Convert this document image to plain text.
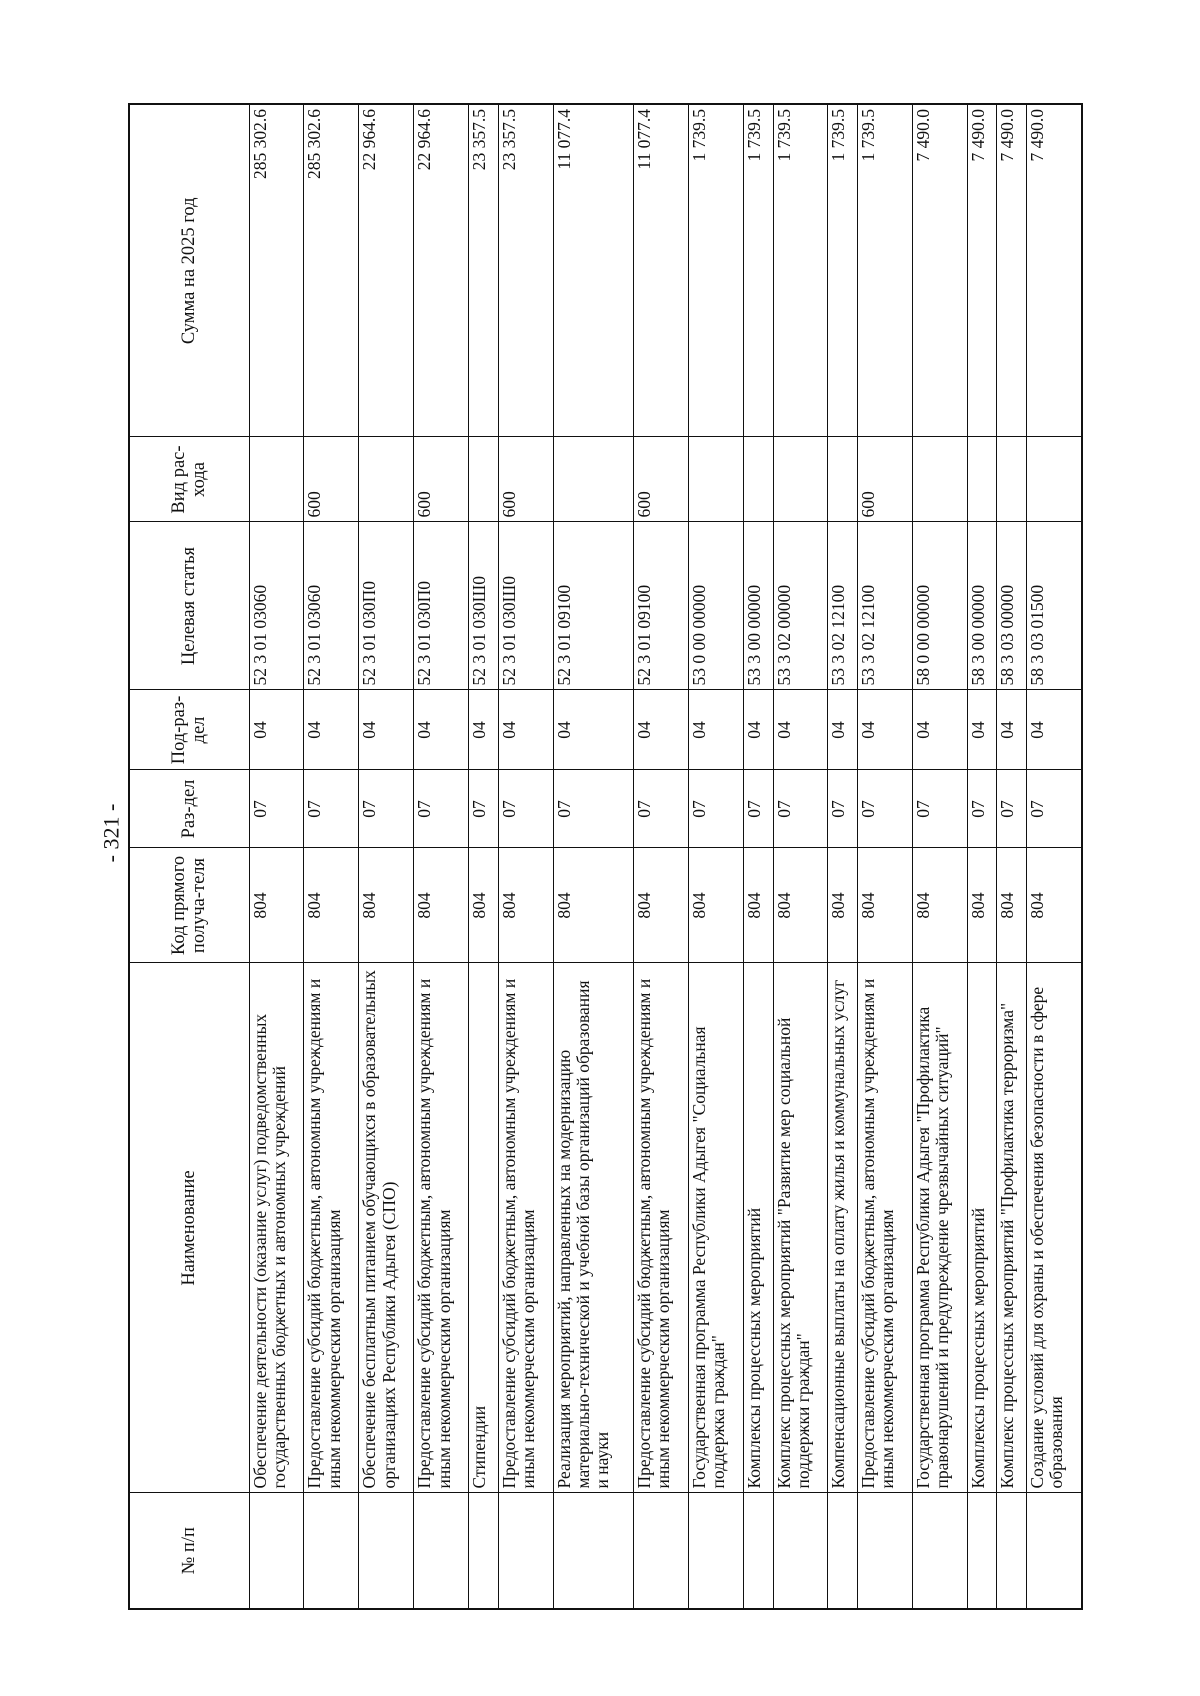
- 321 -
№ п/п	Наименование	Код прямого получа-теля	Раз-дел	Под-раз-дел	Целевая статья	Вид рас-хода	Сумма на 2025 год
	Обеспечение деятельности (оказание услуг) подведомственных государственных бюджетных и автономных учреждений	804	07	04	52 3 01 03060		285 302.6
	Предоставление субсидий бюджетным, автономным учреждениям и иным некоммерческим организациям	804	07	04	52 3 01 03060	600	285 302.6
	Обеспечение бесплатным питанием обучающихся в образовательных организациях Республики Адыгея (СПО)	804	07	04	52 3 01 030П0		22 964.6
	Предоставление субсидий бюджетным, автономным учреждениям и иным некоммерческим организациям	804	07	04	52 3 01 030П0	600	22 964.6
	Стипендии	804	07	04	52 3 01 030Ш0		23 357.5
	Предоставление субсидий бюджетным, автономным учреждениям и иным некоммерческим организациям	804	07	04	52 3 01 030Ш0	600	23 357.5
	Реализация мероприятий, направленных на модернизацию материально-технической и учебной базы организаций образования и науки	804	07	04	52 3 01 09100		11 077.4
	Предоставление субсидий бюджетным, автономным учреждениям и иным некоммерческим организациям	804	07	04	52 3 01 09100	600	11 077.4
	Государственная программа Республики Адыгея "Социальная поддержка граждан"	804	07	04	53 0 00 00000		1 739.5
	Комплексы процессных мероприятий	804	07	04	53 3 00 00000		1 739.5
	Комплекс процессных мероприятий "Развитие мер социальной поддержки граждан"	804	07	04	53 3 02 00000		1 739.5
	Компенсационные выплаты на оплату жилья и коммунальных услуг	804	07	04	53 3 02 12100		1 739.5
	Предоставление субсидий бюджетным, автономным учреждениям и иным некоммерческим организациям	804	07	04	53 3 02 12100	600	1 739.5
	Государственная программа Республики Адыгея "Профилактика правонарушений и предупреждение чрезвычайных ситуаций"	804	07	04	58 0 00 00000		7 490.0
	Комплексы процессных мероприятий	804	07	04	58 3 00 00000		7 490.0
	Комплекс процессных мероприятий "Профилактика терроризма"	804	07	04	58 3 03 00000		7 490.0
	Создание условий для охраны и обеспечения безопасности в сфере образования	804	07	04	58 3 03 01500		7 490.0
